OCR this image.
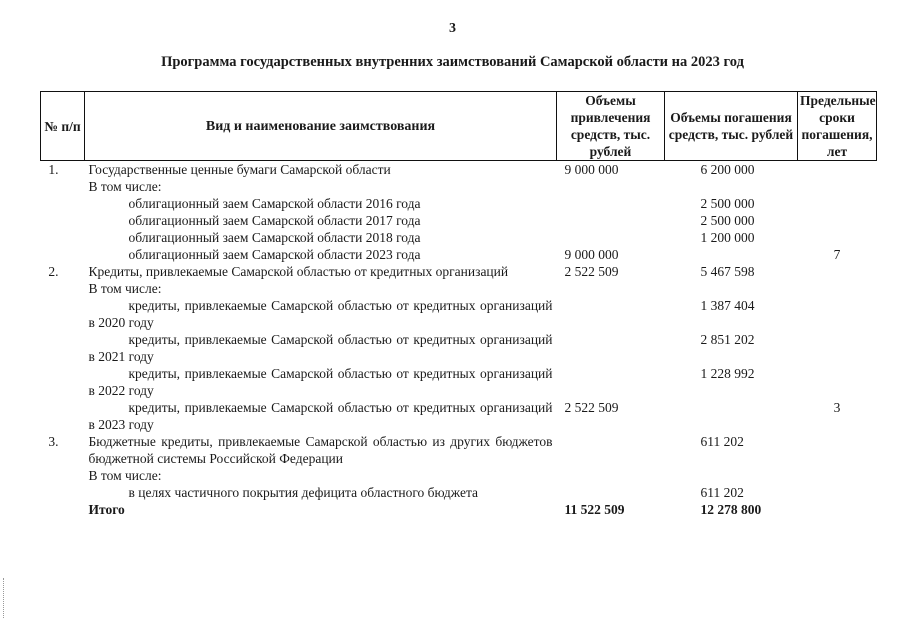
3
Программа государственных внутренних заимствований Самарской области на 2023 год
№ п/п	Вид и наименование заимствования	Объемы привлечения средств, тыс. рублей	Объемы погашения средств, тыс. рублей	Предельные сроки погашения, лет
1.	Государственные ценные бумаги Самарской области	9 000 000	6 200 000	
	В том числе:			
	облигационный заем Самарской области 2016 года		2 500 000	
	облигационный заем Самарской области 2017 года		2 500 000	
	облигационный заем Самарской области 2018 года		1 200 000	
	облигационный заем Самарской области 2023 года	9 000 000		7
2.	Кредиты, привлекаемые Самарской областью от кредитных организаций	2 522 509	5 467 598	
	В том числе:			
	кредиты, привлекаемые Самарской областью от кредитных организаций в 2020 году		1 387 404	
	кредиты, привлекаемые Самарской областью от кредитных организаций в 2021 году		2 851 202	
	кредиты, привлекаемые Самарской областью от кредитных организаций в 2022 году		1 228 992	
	кредиты, привлекаемые Самарской областью от кредитных организаций в 2023 году	2 522 509		3
3.	Бюджетные кредиты, привлекаемые Самарской областью из других бюджетов бюджетной системы Российской Федерации		611 202	
	В том числе:			
	в целях частичного покрытия дефицита областного бюджета		611 202	
	Итого	11 522 509	12 278 800	
